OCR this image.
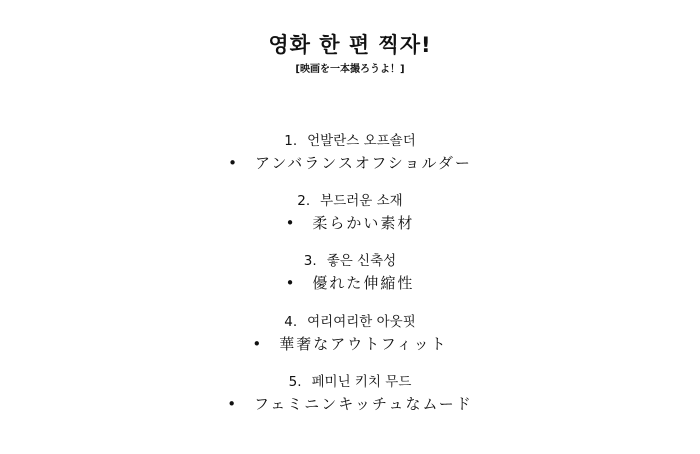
영화 한 편 찍자!
[映画を一本撮ろうよ！]
1. 언발란스 오프숄더
• アンバランスオフショルダー
2. 부드러운 소재
• 柔らかい素材
3. 좋은 신축성
• 優れた伸縮性
4. 여리여리한 아웃핏
• 華奢なアウトフィット
5. 페미닌 키치 무드
• フェミニンキッチュなムード
